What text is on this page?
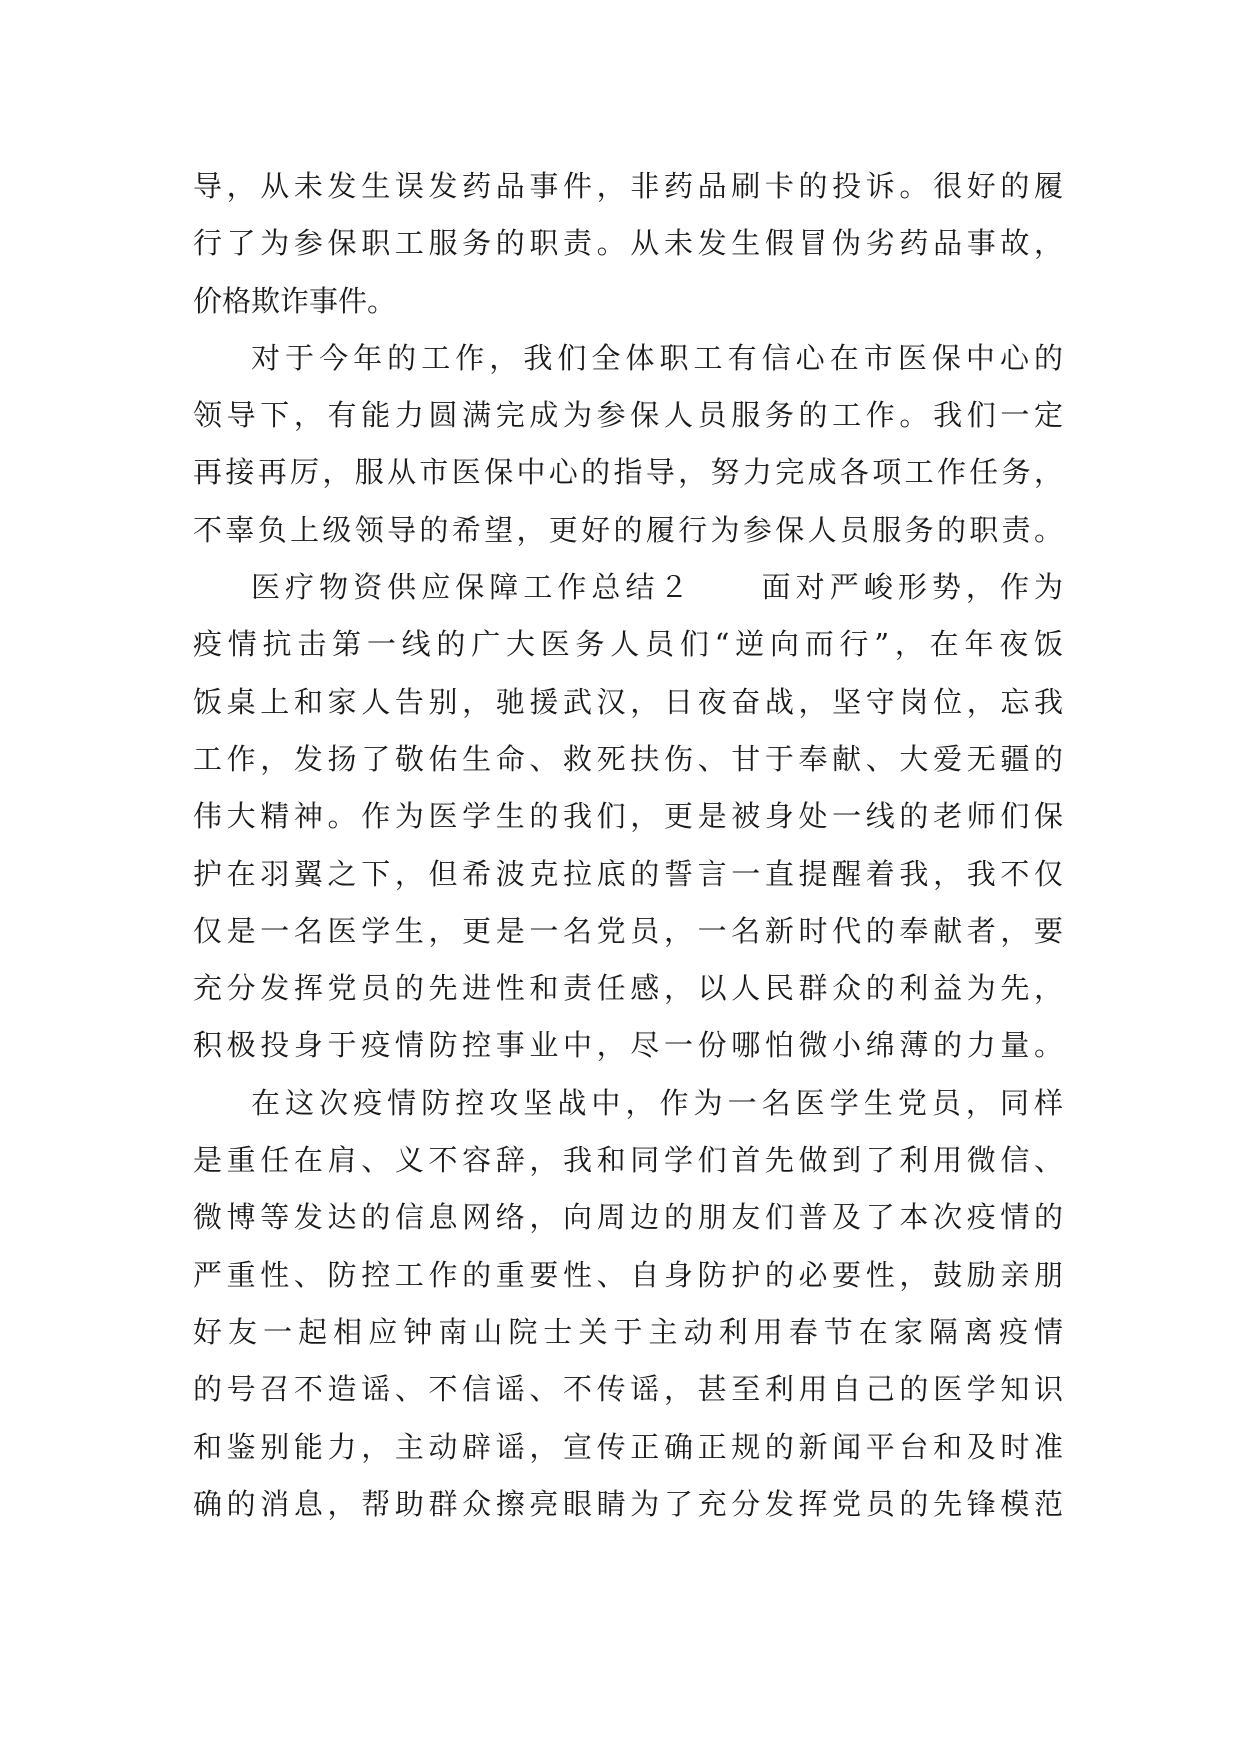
导，从未发生误发药品事件，非药品刷卡的投诉。很好的履
行了为参保职工服务的职责。从未发生假冒伪劣药品事故，
价格欺诈事件。
对于今年的工作，我们全体职工有信心在市医保中心的
领导下，有能力圆满完成为参保人员服务的工作。我们一定
再接再厉，服从市医保中心的指导，努力完成各项工作任务，
不辜负上级领导的希望，更好的履行为参保人员服务的职责。
医疗物资供应保障工作总结２　　面对严峻形势，作为
疫情抗击第一线的广大医务人员们“逆向而行”，在年夜饭
饭桌上和家人告别，驰援武汉，日夜奋战，坚守岗位，忘我
工作，发扬了敬佑生命、救死扶伤、甘于奉献、大爱无疆的
伟大精神。作为医学生的我们，更是被身处一线的老师们保
护在羽翼之下，但希波克拉底的誓言一直提醒着我，我不仅
仅是一名医学生，更是一名党员，一名新时代的奉献者，要
充分发挥党员的先进性和责任感，以人民群众的利益为先，
积极投身于疫情防控事业中，尽一份哪怕微小绵薄的力量。
在这次疫情防控攻坚战中，作为一名医学生党员，同样
是重任在肩、义不容辞，我和同学们首先做到了利用微信、
微博等发达的信息网络，向周边的朋友们普及了本次疫情的
严重性、防控工作的重要性、自身防护的必要性，鼓励亲朋
好友一起相应钟南山院士关于主动利用春节在家隔离疫情
的号召不造谣、不信谣、不传谣，甚至利用自己的医学知识
和鉴别能力，主动辟谣，宣传正确正规的新闻平台和及时准
确的消息，帮助群众擦亮眼睛为了充分发挥党员的先锋模范
